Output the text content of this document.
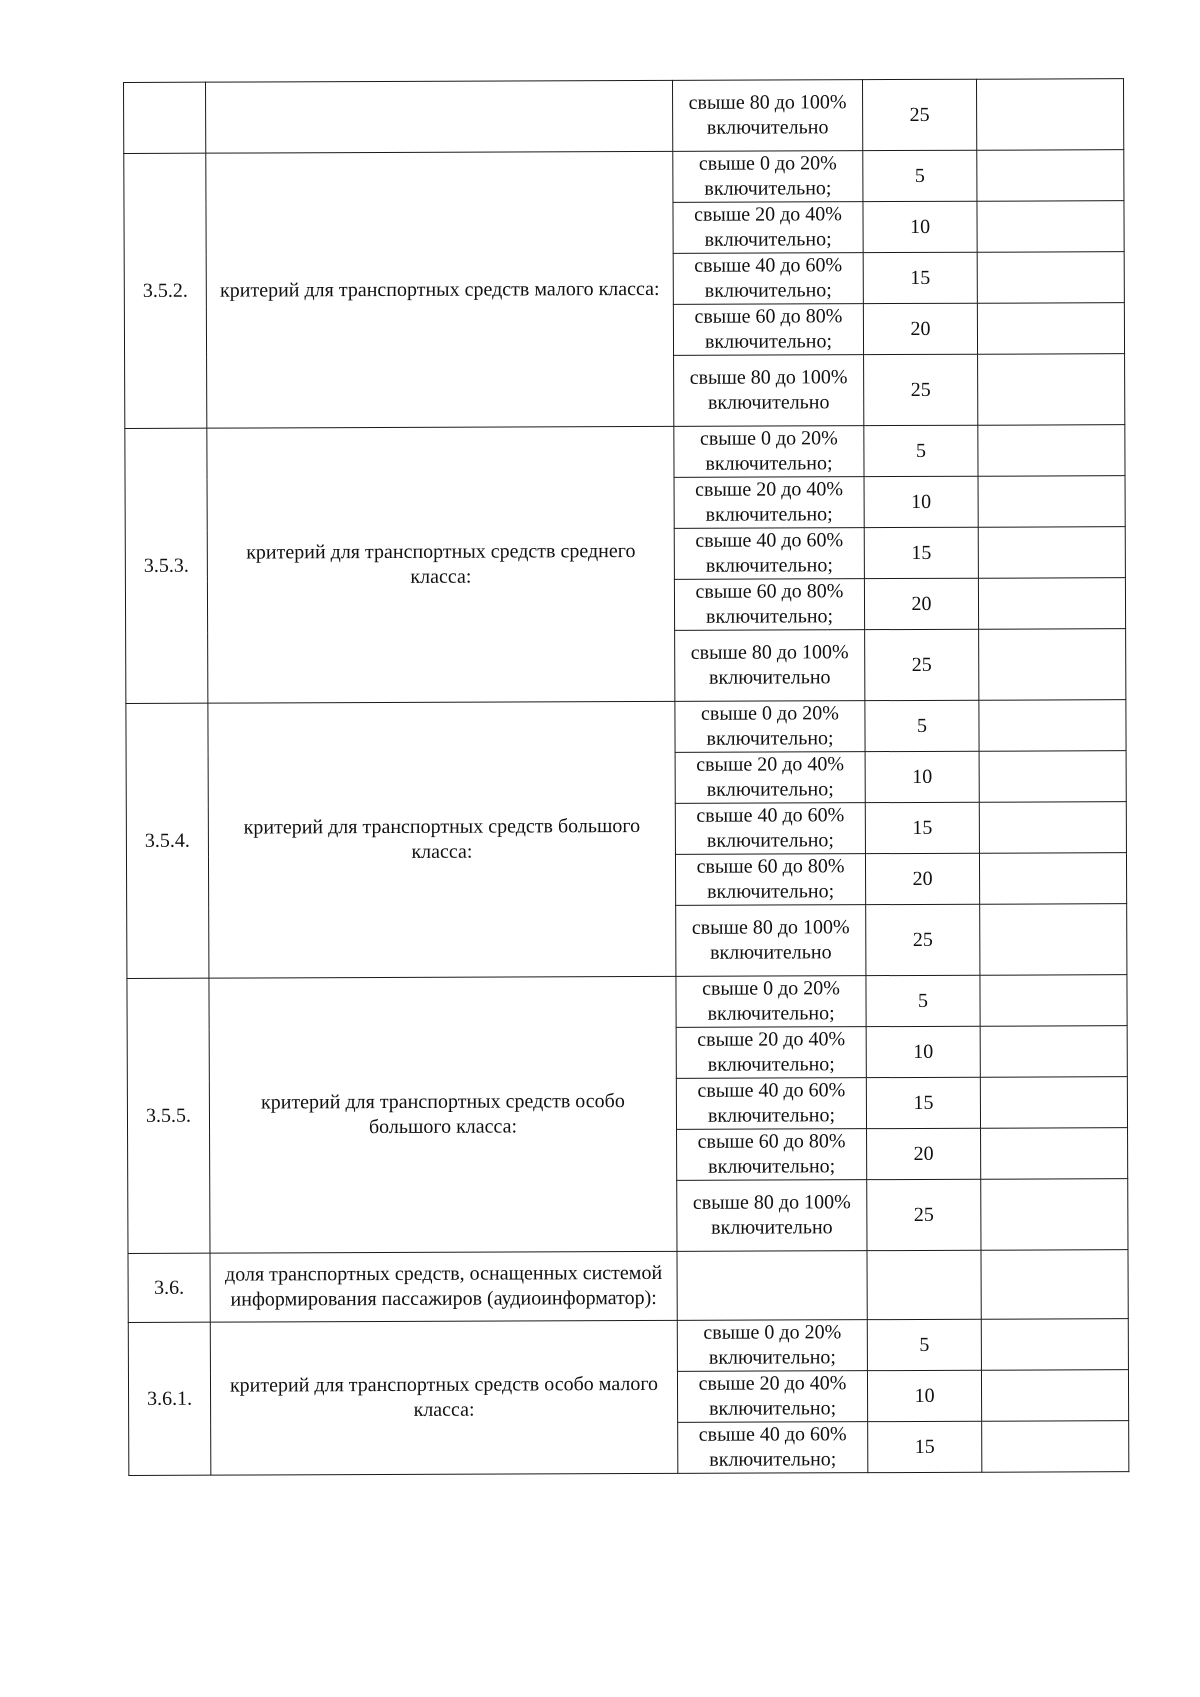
		свыше 80 до 100% включительно	25	
3.5.2.	критерий для транспортных средств малого класса:	свыше 0 до 20% включительно;	5	
		свыше 20 до 40% включительно;	10	
		свыше 40 до 60% включительно;	15	
		свыше 60 до 80% включительно;	20	
		свыше 80 до 100% включительно	25	
3.5.3.	критерий для транспортных средств среднего класса:	свыше 0 до 20% включительно;	5	
		свыше 20 до 40% включительно;	10	
		свыше 40 до 60% включительно;	15	
		свыше 60 до 80% включительно;	20	
		свыше 80 до 100% включительно	25	
3.5.4.	критерий для транспортных средств большого класса:	свыше 0 до 20% включительно;	5	
		свыше 20 до 40% включительно;	10	
		свыше 40 до 60% включительно;	15	
		свыше 60 до 80% включительно;	20	
		свыше 80 до 100% включительно	25	
3.5.5.	критерий для транспортных средств особо большого класса:	свыше 0 до 20% включительно;	5	
		свыше 20 до 40% включительно;	10	
		свыше 40 до 60% включительно;	15	
		свыше 60 до 80% включительно;	20	
		свыше 80 до 100% включительно	25	
3.6.	доля транспортных средств, оснащенных системой информирования пассажиров (аудиоинформатор):			
3.6.1.	критерий для транспортных средств особо малого класса:	свыше 0 до 20% включительно;	5	
		свыше 20 до 40% включительно;	10	
		свыше 40 до 60% включительно;	15	
